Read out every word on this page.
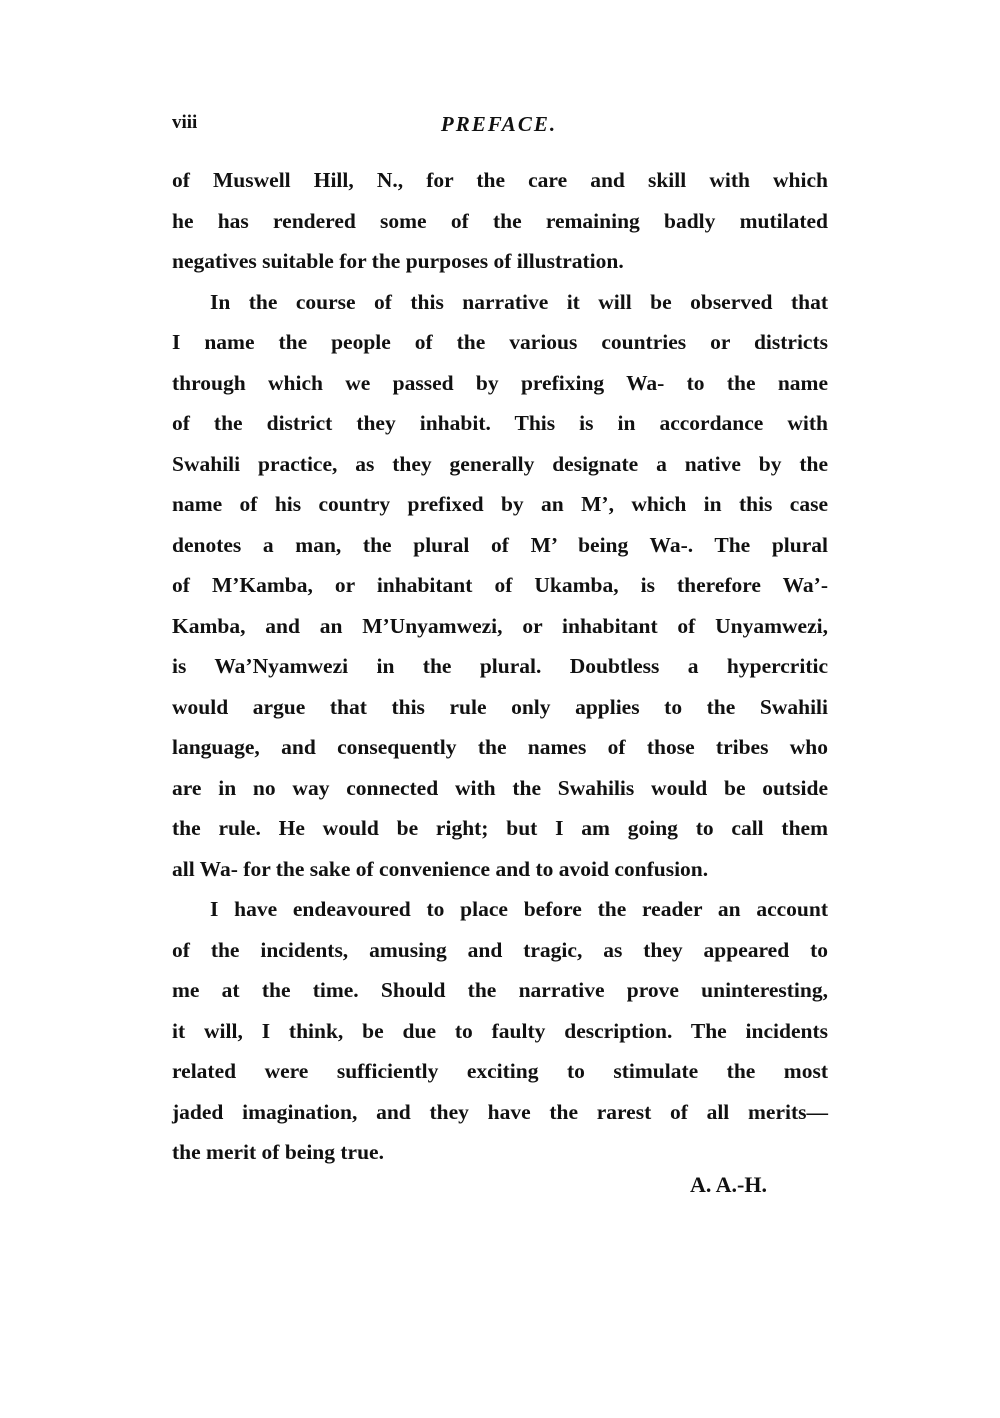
viii	PREFACE.
of Muswell Hill, N., for the care and skill with which
he has rendered some of the remaining badly mutilated
negatives suitable for the purposes of illustration.
In the course of this narrative it will be observed that
I name the people of the various countries or districts
through which we passed by prefixing Wa- to the name
of the district they inhabit. This is in accordance with
Swahili practice, as they generally designate a native by the
name of his country prefixed by an M’, which in this case
denotes a man, the plural of M’ being Wa-. The plural
of M’Kamba, or inhabitant of Ukamba, is therefore Wa’-
Kamba, and an M’Unyamwezi, or inhabitant of Unyamwezi,
is Wa’Nyamwezi in the plural. Doubtless a hypercritic
would argue that this rule only applies to the Swahili
language, and consequently the names of those tribes who
are in no way connected with the Swahilis would be outside
the rule. He would be right; but I am going to call them
all Wa- for the sake of convenience and to avoid confusion.
I have endeavoured to place before the reader an account
of the incidents, amusing and tragic, as they appeared to
me at the time. Should the narrative prove uninteresting,
it will, I think, be due to faulty description. The incidents
related were sufficiently exciting to stimulate the most
jaded imagination, and they have the rarest of all merits—
the merit of being true.
A. A.-H.
